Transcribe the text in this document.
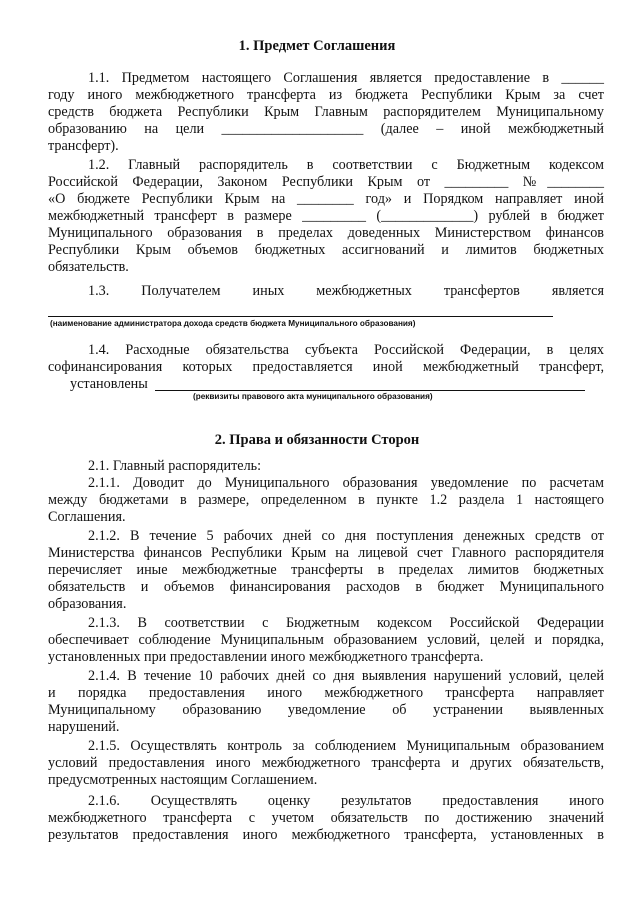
1. Предмет Соглашения
1.1. Предметом настоящего Соглашения является предоставление в ______
году иного межбюджетного трансферта из бюджета Республики Крым за счет
средств бюджета Республики Крым Главным распорядителем Муниципальному
образованию на цели ____________________ (далее – иной межбюджетный
трансферт).
1.2. Главный распорядитель в соответствии с Бюджетным кодексом
Российской Федерации, Законом Республики Крым от _________ №________
«О бюджете Республики Крым на ________ год» и Порядком направляет иной
межбюджетный трансферт в размере _________ (_____________) рублей в бюджет
Муниципального образования в пределах доведенных Министерством финансов
Республики Крым объемов бюджетных ассигнований и лимитов бюджетных
обязательств.
1.3. Получателем иных межбюджетных трансфертов является
(наименование администратора дохода средств бюджета Муниципального образования)
1.4. Расходные обязательства субъекта Российской Федерации, в целях
софинансирования которых предоставляется иной межбюджетный трансферт,
установлены
(реквизиты правового акта муниципального образования)
2. Права и обязанности Сторон
2.1. Главный распорядитель:
2.1.1. Доводит до Муниципального образования уведомление по расчетам
между бюджетами в размере, определенном в пункте 1.2 раздела 1 настоящего
Соглашения.
2.1.2. В течение 5 рабочих дней со дня поступления денежных средств от
Министерства финансов Республики Крым на лицевой счет Главного распорядителя
перечисляет иные межбюджетные трансферты в пределах лимитов бюджетных
обязательств и объемов финансирования расходов в бюджет Муниципального
образования.
2.1.3. В соответствии с Бюджетным кодексом Российской Федерации
обеспечивает соблюдение Муниципальным образованием условий, целей и порядка,
установленных при предоставлении иного межбюджетного трансферта.
2.1.4. В течение 10 рабочих дней со дня выявления нарушений условий, целей
и порядка предоставления иного межбюджетного трансферта направляет
Муниципальному образованию уведомление об устранении выявленных
нарушений.
2.1.5. Осуществлять контроль за соблюдением Муниципальным образованием
условий предоставления иного межбюджетного трансферта и других обязательств,
предусмотренных настоящим Соглашением.
2.1.6. Осуществлять оценку результатов предоставления иного
межбюджетного трансферта с учетом обязательств по достижению значений
результатов предоставления иного межбюджетного трансферта, установленных в
